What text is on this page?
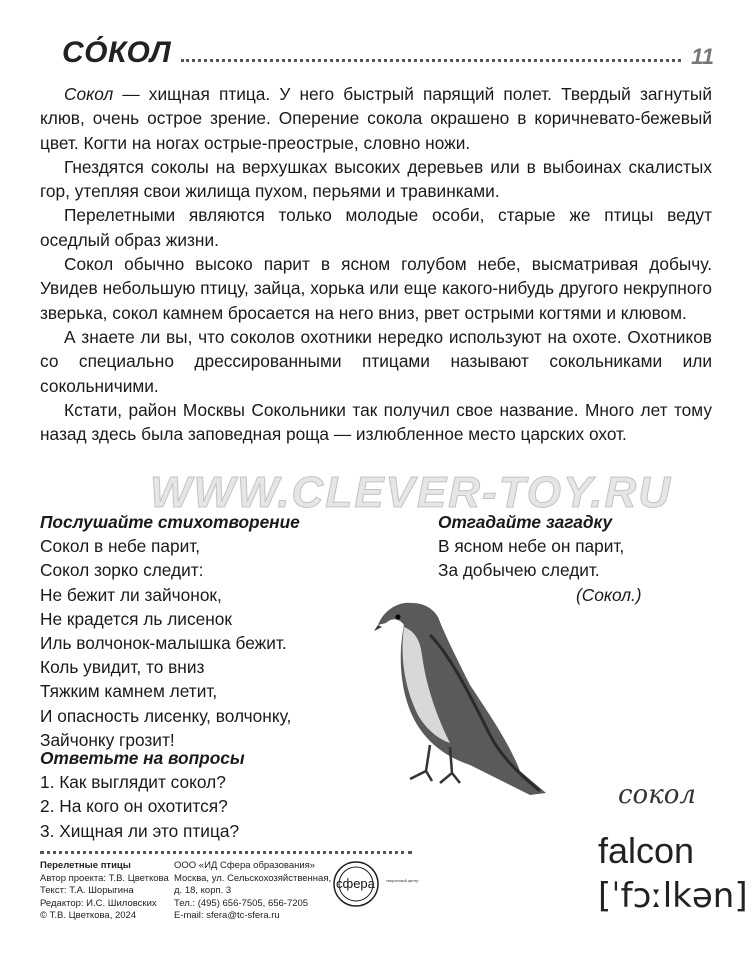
СО́КОЛ	11

Сокол — хищная птица. У него быстрый парящий полет. Твердый загнутый клюв, очень острое зрение. Оперение сокола окрашено в коричневато-бежевый цвет. Когти на ногах острые-преострые, словно ножи.

Гнездятся соколы на верхушках высоких деревьев или в выбоинах скалистых гор, утепляя свои жилища пухом, перьями и травинками.

Перелетными являются только молодые особи, старые же птицы ведут оседлый образ жизни.

Сокол обычно высоко парит в ясном голубом небе, высматривая добычу. Увидев небольшую птицу, зайца, хорька или еще какого-нибудь другого некрупного зверька, сокол камнем бросается на него вниз, рвет острыми когтями и клювом.

А знаете ли вы, что соколов охотники нередко используют на охоте. Охотников со специально дрессированными птицами называют сокольниками или сокольничими.

Кстати, район Москвы Сокольники так получил свое название. Много лет тому назад здесь была заповедная роща — излюбленное место царских охот.

WWW.CLEVER-TOY.RU
Послушайте стихотворение
Сокол в небе парит,
Сокол зорко следит:
Не бежит ли зайчонок,
Не крадется ль лисенок
Иль волчонок-малышка бежит.
Коль увидит, то вниз
Тяжким камнем летит,
И опасность лисенку, волчонку,
Зайчонку грозит!
Ответьте на вопросы
1. Как выглядит сокол?
2. На кого он охотится?
3. Хищная ли это птица?
Отгадайте загадку
В ясном небе он парит,
За добычею следит.
(Сокол.)
сокол
falcon
[ˈfɔːlkən]
Перелетные птицы
Автор проекта: Т.В. Цветкова
Текст: Т.А. Шорыгина
Редактор: И.С. Шиловских
© Т.В. Цветкова, 2024
ООО «ИД Сфера образования»
Москва, ул. Сельскохозяйственная,
д. 18, корп. 3
Тел.: (495) 656-7505, 656-7205
E-mail: sfera@tc-sfera.ru
сфера	творческий центр
